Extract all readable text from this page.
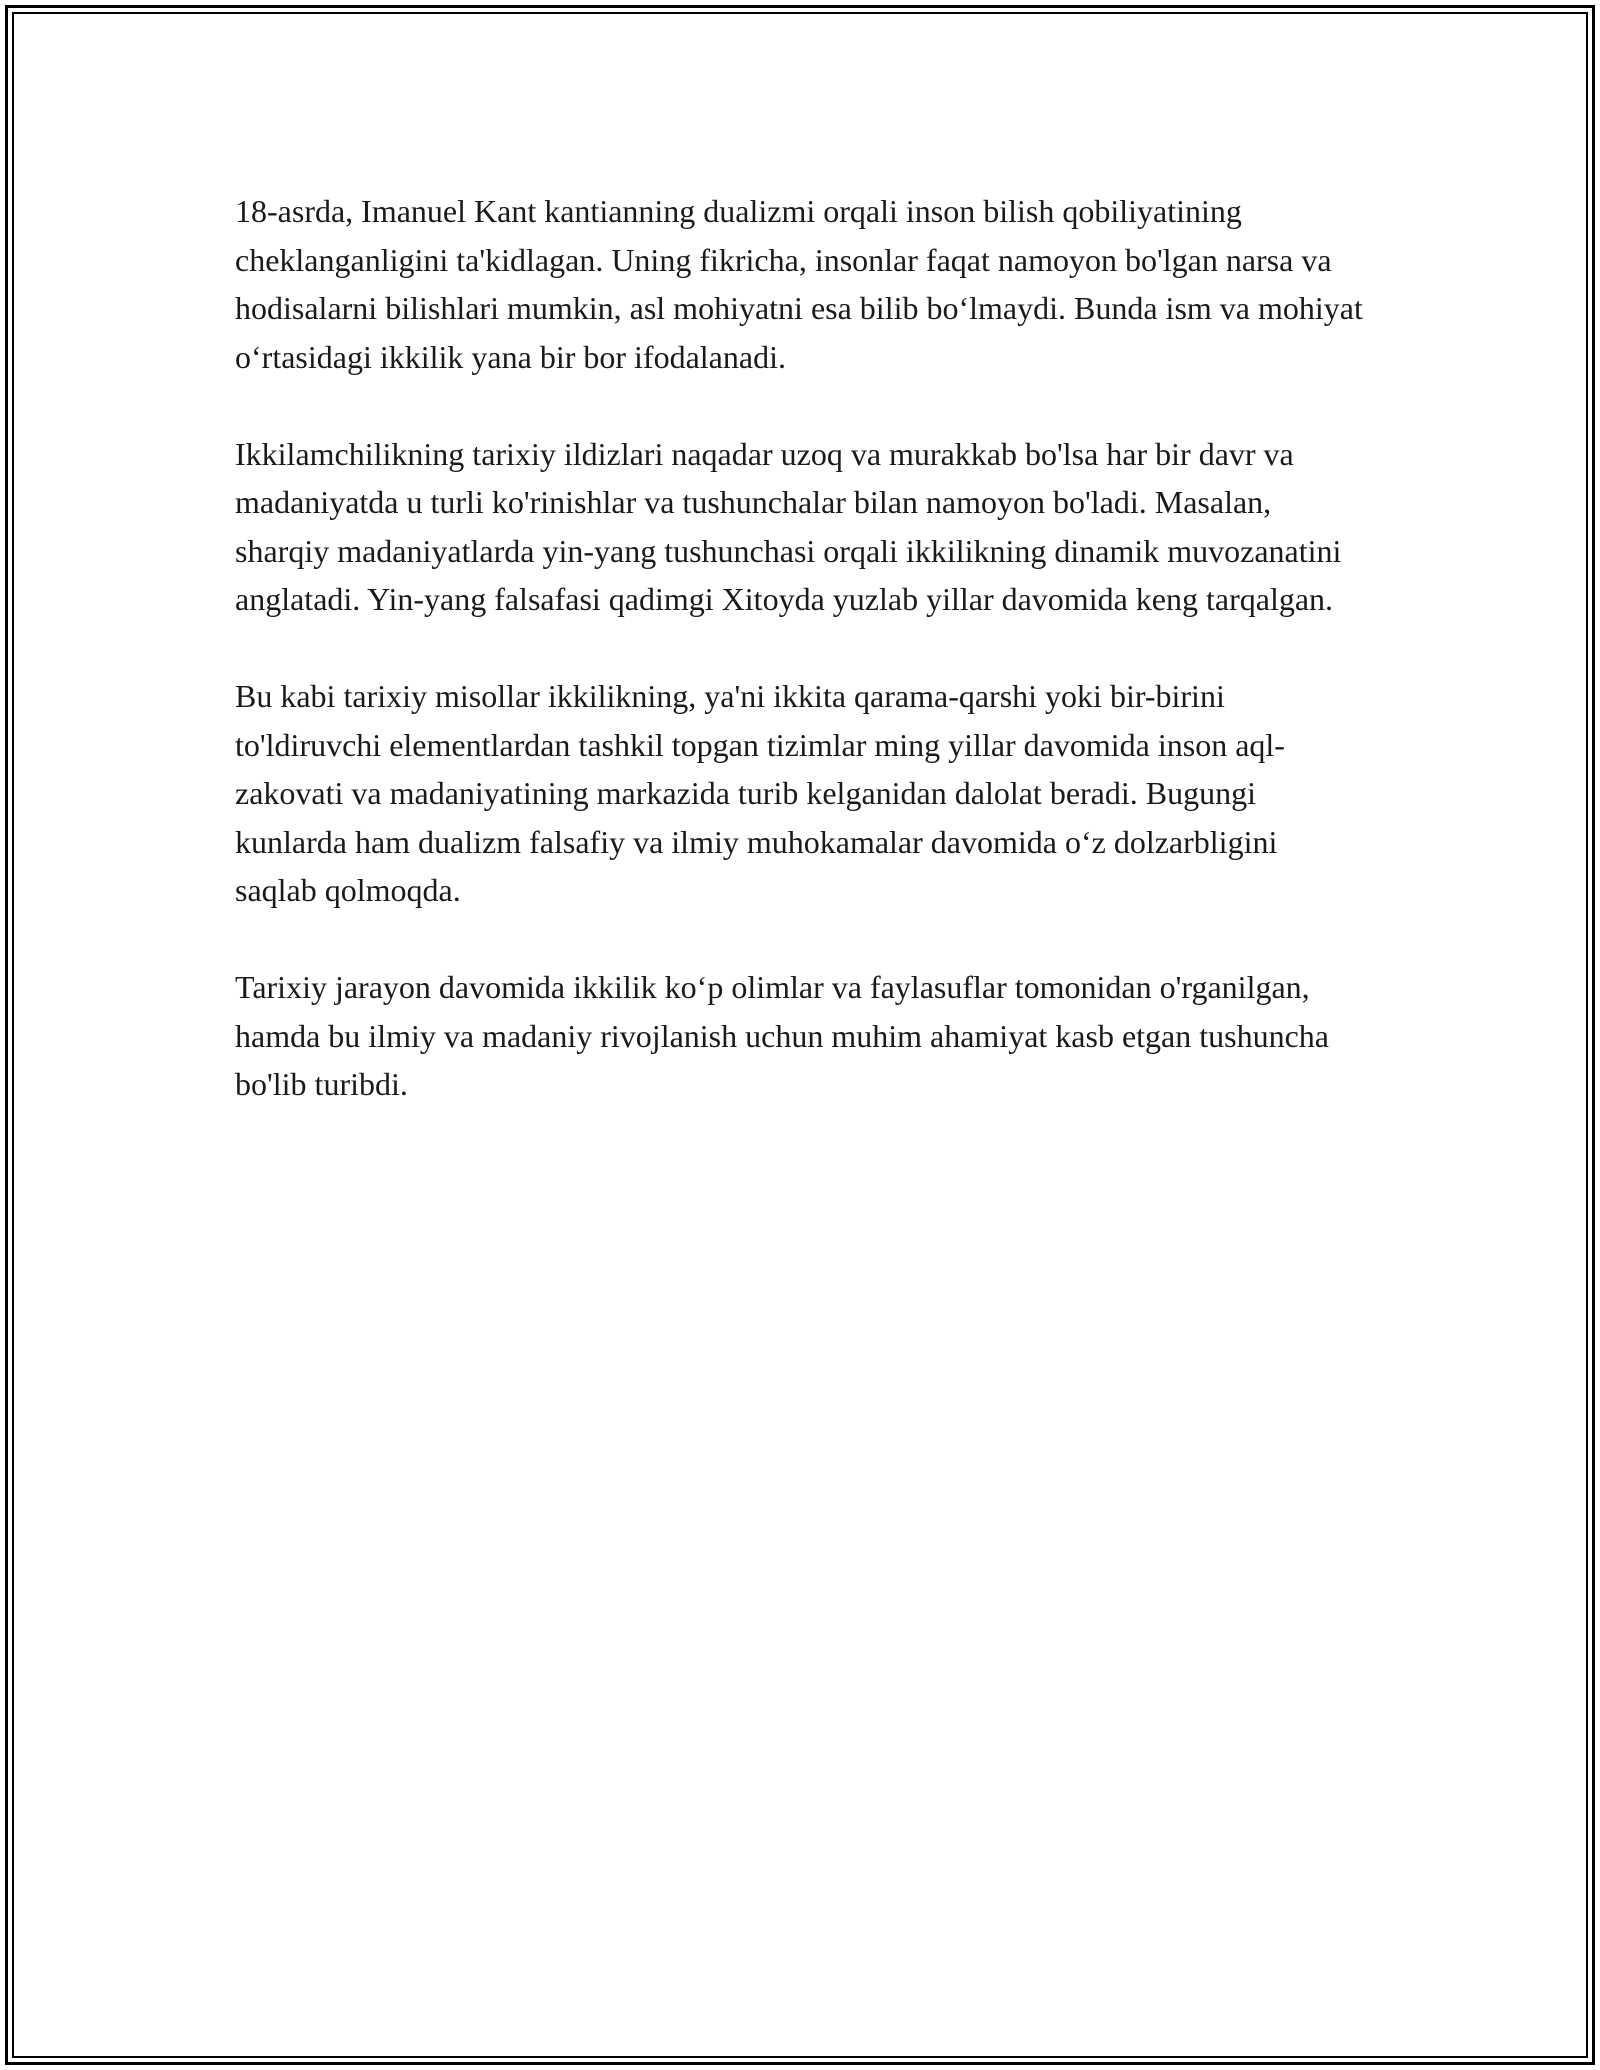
18-asrda, Imanuel Kant kantianning dualizmi orqali inson bilish qobiliyatining cheklanganligini ta'kidlagan. Uning fikricha, insonlar faqat namoyon bo'lgan narsa va hodisalarni bilishlari mumkin, asl mohiyatni esa bilib bo‘lmaydi. Bunda ism va mohiyat o‘rtasidagi ikkilik yana bir bor ifodalanadi.

Ikkilamchilikning tarixiy ildizlari naqadar uzoq va murakkab bo'lsa har bir davr va madaniyatda u turli ko'rinishlar va tushunchalar bilan namoyon bo'ladi. Masalan, sharqiy madaniyatlarda yin-yang tushunchasi orqali ikkilikning dinamik muvozanatini anglatadi. Yin-yang falsafasi qadimgi Xitoyda yuzlab yillar davomida keng tarqalgan.

Bu kabi tarixiy misollar ikkilikning, ya'ni ikkita qarama-qarshi yoki bir-birini to'ldiruvchi elementlardan tashkil topgan tizimlar ming yillar davomida inson aql-zakovati va madaniyatining markazida turib kelganidan dalolat beradi. Bugungi kunlarda ham dualizm falsafiy va ilmiy muhokamalar davomida o‘z dolzarbligini saqlab qolmoqda.

Tarixiy jarayon davomida ikkilik ko‘p olimlar va faylasuflar tomonidan o'rganilgan, hamda bu ilmiy va madaniy rivojlanish uchun muhim ahamiyat kasb etgan tushuncha bo'lib turibdi.
